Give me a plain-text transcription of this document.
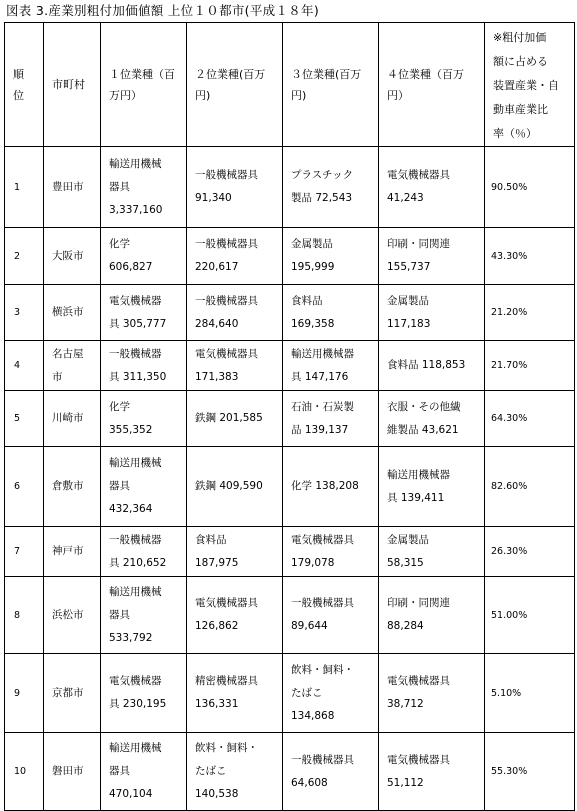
図表 3.産業別粗付加価値額 上位１０都市(平成１８年)
順
位	市町村	１位業種（百
万円）	２位業種(百万
円)	３位業種(百万
円)	４位業種（百万
円）	※粗付加価
額に占める
装置産業・自
動車産業比
率（％）
1	豊田市	輸送用機械
器具
3,337,160	一般機械器具
91,340	プラスチック
製品 72,543	電気機械器具
41,243	90.50%
2	大阪市	化学
606,827	一般機械器具
220,617	金属製品
195,999	印刷・同関連
155,737	43.30%
3	横浜市	電気機械器
具 305,777	一般機械器具
284,640	食料品
169,358	金属製品
117,183	21.20%
4	名古屋
市	一般機械器
具 311,350	電気機械器具
171,383	輸送用機械器
具 147,176	食料品 118,853	21.70%
5	川崎市	化学
355,352	鉄鋼 201,585	石油・石炭製
品 139,137	衣服・その他繊
維製品 43,621	64.30%
6	倉敷市	輸送用機械
器具
432,364	鉄鋼 409,590	化学 138,208	輸送用機械器
具 139,411	82.60%
7	神戸市	一般機械器
具 210,652	食料品
187,975	電気機械器具
179,078	金属製品
58,315	26.30%
8	浜松市	輸送用機械
器具
533,792	電気機械器具
126,862	一般機械器具
89,644	印刷・同関連
88,284	51.00%
9	京都市	電気機械器
具 230,195	精密機械器具
136,331	飲料・飼料・
たばこ
134,868	電気機械器具
38,712	5.10%
10	磐田市	輸送用機械
器具
470,104	飲料・飼料・
たばこ
140,538	一般機械器具
64,608	電気機械器具
51,112	55.30%
